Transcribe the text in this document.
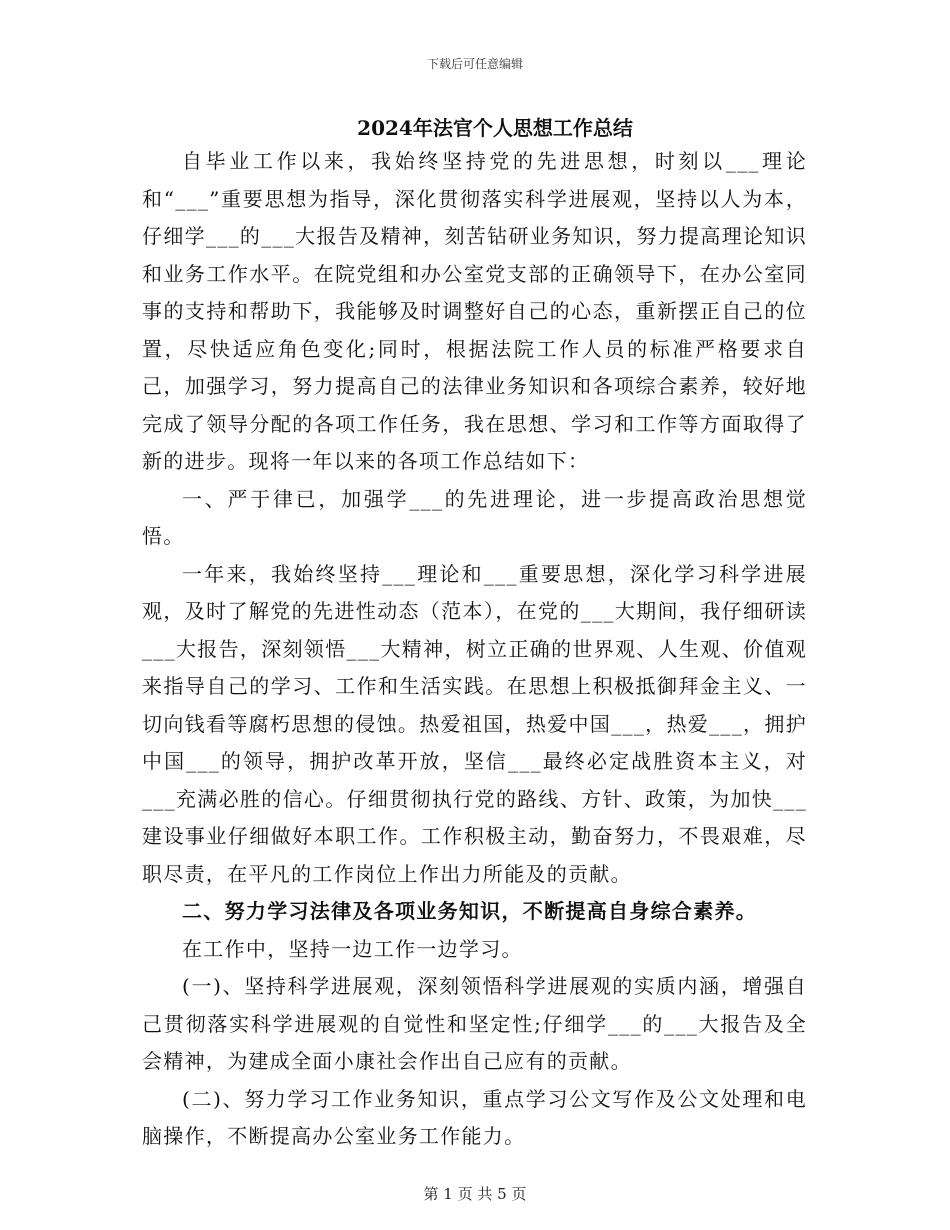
下载后可任意编辑
2024年法官个人思想工作总结

自毕业工作以来，我始终坚持党的先进思想，时刻以___理论和“___”重要思想为指导，深化贯彻落实科学进展观，坚持以人为本，仔细学___的___大报告及精神，刻苦钻研业务知识，努力提高理论知识和业务工作水平。在院党组和办公室党支部的正确领导下，在办公室同事的支持和帮助下，我能够及时调整好自己的心态，重新摆正自己的位置，尽快适应角色变化;同时，根据法院工作人员的标准严格要求自己，加强学习，努力提高自己的法律业务知识和各项综合素养，较好地完成了领导分配的各项工作任务，我在思想、学习和工作等方面取得了新的进步。现将一年以来的各项工作总结如下：

一、严于律已，加强学___的先进理论，进一步提高政治思想觉悟。

一年来，我始终坚持___理论和___重要思想，深化学习科学进展观，及时了解党的先进性动态（范本），在党的___大期间，我仔细研读___大报告，深刻领悟___大精神，树立正确的世界观、人生观、价值观来指导自己的学习、工作和生活实践。在思想上积极抵御拜金主义、一切向钱看等腐朽思想的侵蚀。热爱祖国，热爱中国___，热爱___，拥护中国___的领导，拥护改革开放，坚信___最终必定战胜资本主义，对___充满必胜的信心。仔细贯彻执行党的路线、方针、政策，为加快___建设事业仔细做好本职工作。工作积极主动，勤奋努力，不畏艰难，尽职尽责，在平凡的工作岗位上作出力所能及的贡献。

二、努力学习法律及各项业务知识，不断提高自身综合素养。

在工作中，坚持一边工作一边学习。

(一)、坚持科学进展观，深刻领悟科学进展观的实质内涵，增强自己贯彻落实科学进展观的自觉性和坚定性;仔细学___的___大报告及全会精神，为建成全面小康社会作出自己应有的贡献。

(二)、努力学习工作业务知识，重点学习公文写作及公文处理和电脑操作，不断提高办公室业务工作能力。

第 1 页 共 5 页
